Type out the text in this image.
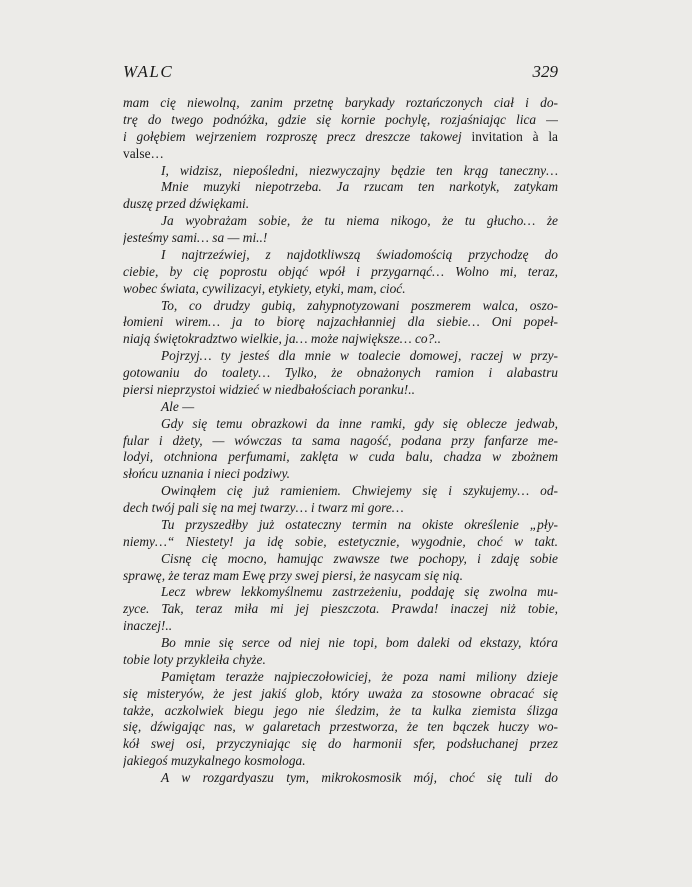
WALC	329
mam cię niewolną, zanim przetnę barykady roztańczonych ciał i do-
trę do twego podnóżka, gdzie się kornie pochylę, rozjaśniając lica —
i gołębiem wejrzeniem rozproszę precz dreszcze takowej invitation à la
valse…
I, widzisz, niepośledni, niezwyczajny będzie ten krąg taneczny…
Mnie muzyki niepotrzeba. Ja rzucam ten narkotyk, zatykam
duszę przed dźwiękami.
Ja wyobrażam sobie, że tu niema nikogo, że tu głucho… że
jesteśmy sami… sa — mi..!
I najtrzeźwiej, z najdotkliwszą świadomością przychodzę do
ciebie, by cię poprostu objąć wpół i przygarnąć… Wolno mi, teraz,
wobec świata, cywilizacyi, etykiety, etyki, mam, cioć.
To, co drudzy gubią, zahypnotyzowani poszmerem walca, oszo-
łomieni wirem… ja to biorę najzachłanniej dla siebie… Oni popeł-
niają świętokradztwo wielkie, ja… może największe… co?..
Pojrzyj… ty jesteś dla mnie w toalecie domowej, raczej w przy-
gotowaniu do toalety… Tylko, że obnażonych ramion i alabastru
piersi nieprzystoi widzieć w niedbałościach poranku!..
Ale —
Gdy się temu obrazkowi da inne ramki, gdy się oblecze jedwab,
fular i dżety, — wówczas ta sama nagość, podana przy fanfarze me-
lodyi, otchniona perfumami, zaklęta w cuda balu, chadza w zbożnem
słońcu uznania i nieci podziwy.
Owinąłem cię już ramieniem. Chwiejemy się i szykujemy… od-
dech twój pali się na mej twarzy… i twarz mi gore…
Tu przyszedłby już ostateczny termin na okiste określenie „pły-
niemy…“ Niestety! ja idę sobie, estetycznie, wygodnie, choć w takt.
Cisnę cię mocno, hamując zwawsze twe pochopy, i zdaję sobie
sprawę, że teraz mam Ewę przy swej piersi, że nasycam się nią.
Lecz wbrew lekkomyślnemu zastrzeżeniu, poddaję się zwolna mu-
zyce. Tak, teraz miła mi jej pieszczota. Prawda! inaczej niż tobie,
inaczej!..
Bo mnie się serce od niej nie topi, bom daleki od ekstazy, która
tobie loty przykleiła chyże.
Pamiętam terazże najpieczołowiciej, że poza nami miliony dzieje
się misteryów, że jest jakiś glob, który uważa za stosowne obracać się
także, aczkolwiek biegu jego nie śledzim, że ta kulka ziemista ślizga
się, dźwigając nas, w galaretach przestworza, że ten bączek huczy wo-
kół swej osi, przyczyniając się do harmonii sfer, podsłuchanej przez
jakiegoś muzykalnego kosmologa.
A w rozgardyaszu tym, mikrokosmosik mój, choć się tuli do
